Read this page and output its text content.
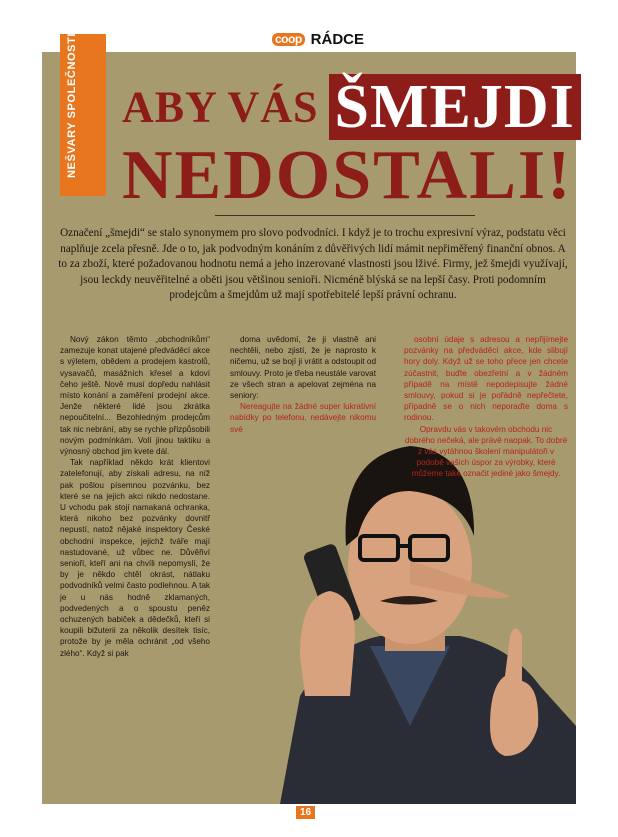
coop RÁDCE
NEŠVARY SPOLEČNOSTI ABY VÁS ŠMEJDI
NEDOSTALI!
Označení „šmejdi“ se stalo synonymem pro slovo podvodníci. I když je to trochu expresivní výraz, podstatu věci naplňuje zcela přesně. Jde o to, jak podvodným konáním z důvěřivých lidí mámit nepřiměřený finanční obnos. A to za zboží, které požadovanou hodnotu nemá a jeho inzerované vlastnosti jsou lživé. Firmy, jež šmejdi využívají, jsou leckdy neuvěřitelné a oběti jsou většinou senioři. Nicméně blýská se na lepší časy. Proti podomním prodejcům a šmejdům už mají spotřebitelé lepší právní ochranu.

Nový zákon těmto „obchodníkům“ zamezuje konat utajené předváděcí akce s výletem, obědem a prodejem kastrolů, vysavačů, masážních křesel a kdoví čeho ještě. Nově musí dopředu nahlásit místo konání a zaměření prodejní akce. Jenže některé lidé jsou zkrátka nepoučitelní... Bezohledným prodejcům tak nic nebrání, aby se rychle přizpůsobili novým podmínkám. Volí jinou taktiku a výnosný obchod jim kvete dál.

Tak například někdo krát klientovi zatelefonují, aby získali adresu, na níž pak pošlou písemnou pozvánku, bez které se na jejich akci nikdo nedostane. U vchodu pak stojí namakaná ochranka, která nikoho bez pozvánky dovnitř nepustí, natož nějaké inspektory České obchodní inspekce, jejichž tváře mají nastudované, už vůbec ne. Důvěřiví senioři, kteří ani na chvíli nepomyslí, že by je někdo chtěl okrást, nátlaku podvodníků velmi často podlehnou. A tak je u nás hodně zklamaných, podvedených a o spoustu peněz ochuzených babiček a dědečků, kteří si koupili bižuterii za několik desítek tisíc, protože by je měla ochránit „od všeho zlého“. Když si pak

doma uvědomí, že ji vlastně ani nechtěli, nebo zjistí, že je naprosto k ničemu, už se bojí ji vrátit a odstoupit od smlouvy. Proto je třeba neustále varovat ze všech stran a apelovat zejména na seniory:

Nereagujte na žádné super lukrativní nabídky po telefonu, nedávejte nikomu své

osobní údaje s adresou a nepřijímejte pozvánky na předváděcí akce, kde slibují hory doly. Když už se toho přece jen chcete zúčastnit, buďte obezřetní a v žádném případě na místě nepodepisujte žádné smlouvy, pokud si je pořádně nepřečtete, případně se o nich neporaďte doma s rodinou.

Opravdu vás v takovém obchodu nic dobrého nečeká, ale právě naopak. To dobré z vás vytáhnou školení manipulátoři v podobě vašich úspor za výrobky, které můžeme také označit jediné jako šmejdy.

16
